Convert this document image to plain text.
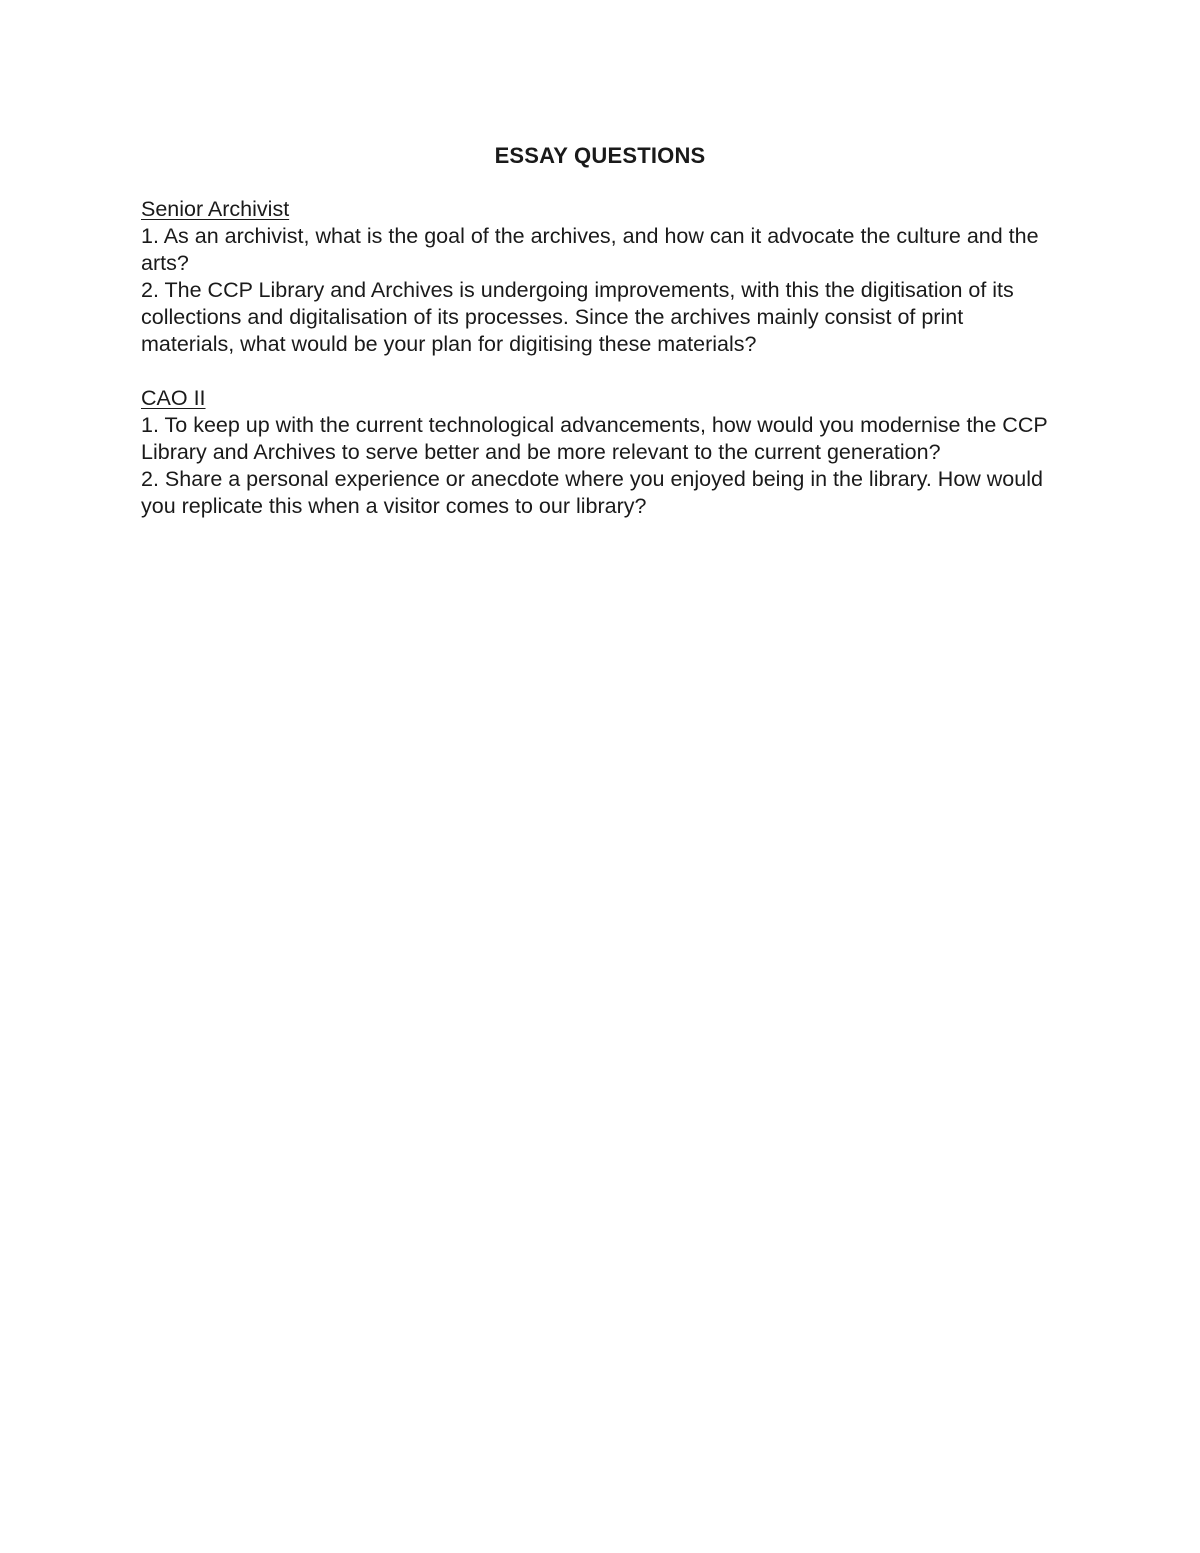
ESSAY QUESTIONS
Senior Archivist

1. As an archivist, what is the goal of the archives, and how can it advocate the culture and the arts?

2. The CCP Library and Archives is undergoing improvements, with this the digitisation of its collections and digitalisation of its processes. Since the archives mainly consist of print materials, what would be your plan for digitising these materials?

CAO II

1. To keep up with the current technological advancements, how would you modernise the CCP Library and Archives to serve better and be more relevant to the current generation?

2. Share a personal experience or anecdote where you enjoyed being in the library. How would you replicate this when a visitor comes to our library?
